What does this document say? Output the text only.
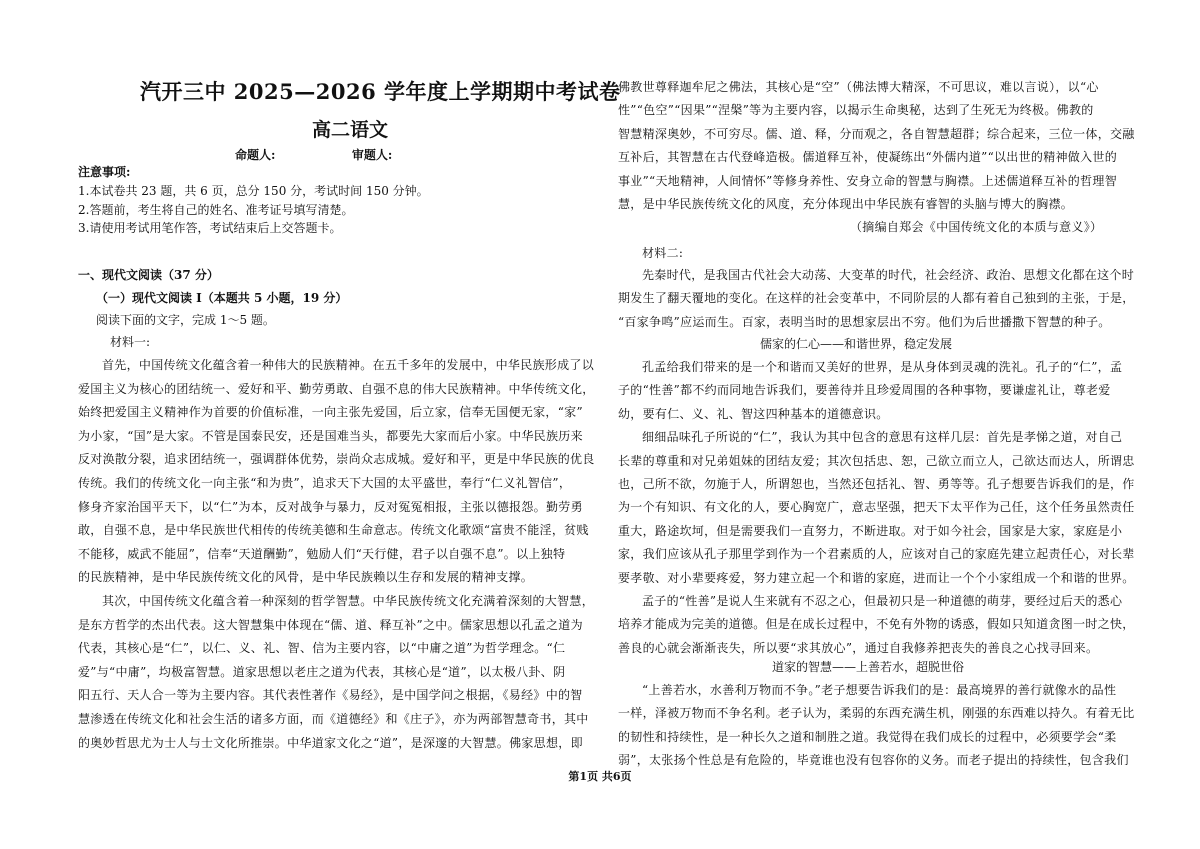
汽开三中 2025—2026 学年度上学期期中考试卷
高二语文
命题人:	审题人:
注意事项:
1.本试卷共 23 题，共 6 页，总分 150 分，考试时间 150 分钟。
2.答题前，考生将自己的姓名、准考证号填写清楚。
3.请使用考试用笔作答，考试结束后上交答题卡。
一、现代文阅读（37 分）
（一）现代文阅读 I（本题共 5 小题，19 分）
阅读下面的文字，完成 1～5 题。
材料一:
首先，中国传统文化蕴含着一种伟大的民族精神。在五千多年的发展中，中华民族形成了以
爱国主义为核心的团结统一、爱好和平、勤劳勇敢、自强不息的伟大民族精神。中华传统文化，
始终把爱国主义精神作为首要的价值标准，一向主张先爱国，后立家，信奉无国便无家，“家”
为小家，“国”是大家。不管是国泰民安，还是国难当头，都要先大家而后小家。中华民族历来
反对涣散分裂，追求团结统一，强调群体优势，崇尚众志成城。爱好和平，更是中华民族的优良
传统。我们的传统文化一向主张“和为贵”，追求天下大国的太平盛世，奉行“仁义礼智信”，
修身齐家治国平天下，以“仁”为本，反对战争与暴力，反对冤冤相报，主张以德报怨。勤劳勇
敢，自强不息，是中华民族世代相传的传统美德和生命意志。传统文化歌颂“富贵不能淫，贫贱
不能移，威武不能屈”，信奉“天道酬勤”，勉励人们“天行健，君子以自强不息”。以上独特
的民族精神，是中华民族传统文化的风骨，是中华民族赖以生存和发展的精神支撑。
其次，中国传统文化蕴含着一种深刻的哲学智慧。中华民族传统文化充满着深刻的大智慧，
是东方哲学的杰出代表。这大智慧集中体现在“儒、道、释互补”之中。儒家思想以孔孟之道为
代表，其核心是“仁”，以仁、义、礼、智、信为主要内容，以“中庸之道”为哲学理念。“仁
爱”与“中庸”，均极富智慧。道家思想以老庄之道为代表，其核心是“道”，以太极八卦、阴
阳五行、天人合一等为主要内容。其代表性著作《易经》，是中国学问之根据，《易经》中的智
慧渗透在传统文化和社会生活的诸多方面，而《道德经》和《庄子》，亦为两部智慧奇书，其中
的奥妙哲思尤为士人与士文化所推崇。中华道家文化之“道”，是深邃的大智慧。佛家思想，即
佛教世尊释迦牟尼之佛法，其核心是“空”（佛法博大精深，不可思议，难以言说），以“心
性”“色空”“因果”“涅槃”等为主要内容，以揭示生命奥秘，达到了生死无为终极。佛教的
智慧精深奥妙，不可穷尽。儒、道、释，分而观之，各自智慧超群；综合起来，三位一体，交融
互补后，其智慧在古代登峰造极。儒道释互补，使凝练出“外儒内道”“以出世的精神做入世的
事业”“天地精神，人间情怀”等修身养性、安身立命的智慧与胸襟。上述儒道释互补的哲理智
慧，是中华民族传统文化的风度，充分体现出中华民族有睿智的头脑与博大的胸襟。
（摘编自郑会《中国传统文化的本质与意义》）
材料二:
先秦时代，是我国古代社会大动荡、大变革的时代，社会经济、政治、思想文化都在这个时
期发生了翻天覆地的变化。在这样的社会变革中，不同阶层的人都有着自己独到的主张，于是，
“百家争鸣”应运而生。百家，表明当时的思想家层出不穷。他们为后世播撒下智慧的种子。
儒家的仁心——和谐世界，稳定发展
孔孟给我们带来的是一个和谐而又美好的世界，是从身体到灵魂的洗礼。孔子的“仁”，孟
子的“性善”都不约而同地告诉我们，要善待并且珍爱周围的各种事物，要谦虚礼让，尊老爱
幼，要有仁、义、礼、智这四种基本的道德意识。
细细品味孔子所说的“仁”，我认为其中包含的意思有这样几层：首先是孝悌之道，对自己
长辈的尊重和对兄弟姐妹的团结友爱；其次包括忠、恕，己欲立而立人，己欲达而达人，所谓忠
也，己所不欲，勿施于人，所谓恕也，当然还包括礼、智、勇等等。孔子想要告诉我们的是，作
为一个有知识、有文化的人，要心胸宽广，意志坚强，把天下太平作为己任，这个任务虽然责任
重大，路途坎坷，但是需要我们一直努力，不断进取。对于如今社会，国家是大家，家庭是小
家，我们应该从孔子那里学到作为一个君素质的人，应该对自己的家庭先建立起责任心，对长辈
要孝敬、对小辈要疼爱，努力建立起一个和谐的家庭，进而让一个个小家组成一个和谐的世界。
孟子的“性善”是说人生来就有不忍之心，但最初只是一种道德的萌芽，要经过后天的悉心
培养才能成为完美的道德。但是在成长过程中，不免有外物的诱惑，假如只知道贪图一时之快，
善良的心就会渐渐丧失，所以要“求其放心”，通过自我修养把丧失的善良之心找寻回来。
道家的智慧——上善若水，超脱世俗
“上善若水，水善利万物而不争。”老子想要告诉我们的是：最高境界的善行就像水的品性
一样，泽被万物而不争名利。老子认为，柔弱的东西充满生机，刚强的东西难以持久。有着无比
的韧性和持续性，是一种长久之道和制胜之道。我觉得在我们成长的过程中，必须要学会“柔
弱”，太张扬个性总是有危险的，毕竟谁也没有包容你的义务。而老子提出的持续性，包含我们
第1页 共6页
